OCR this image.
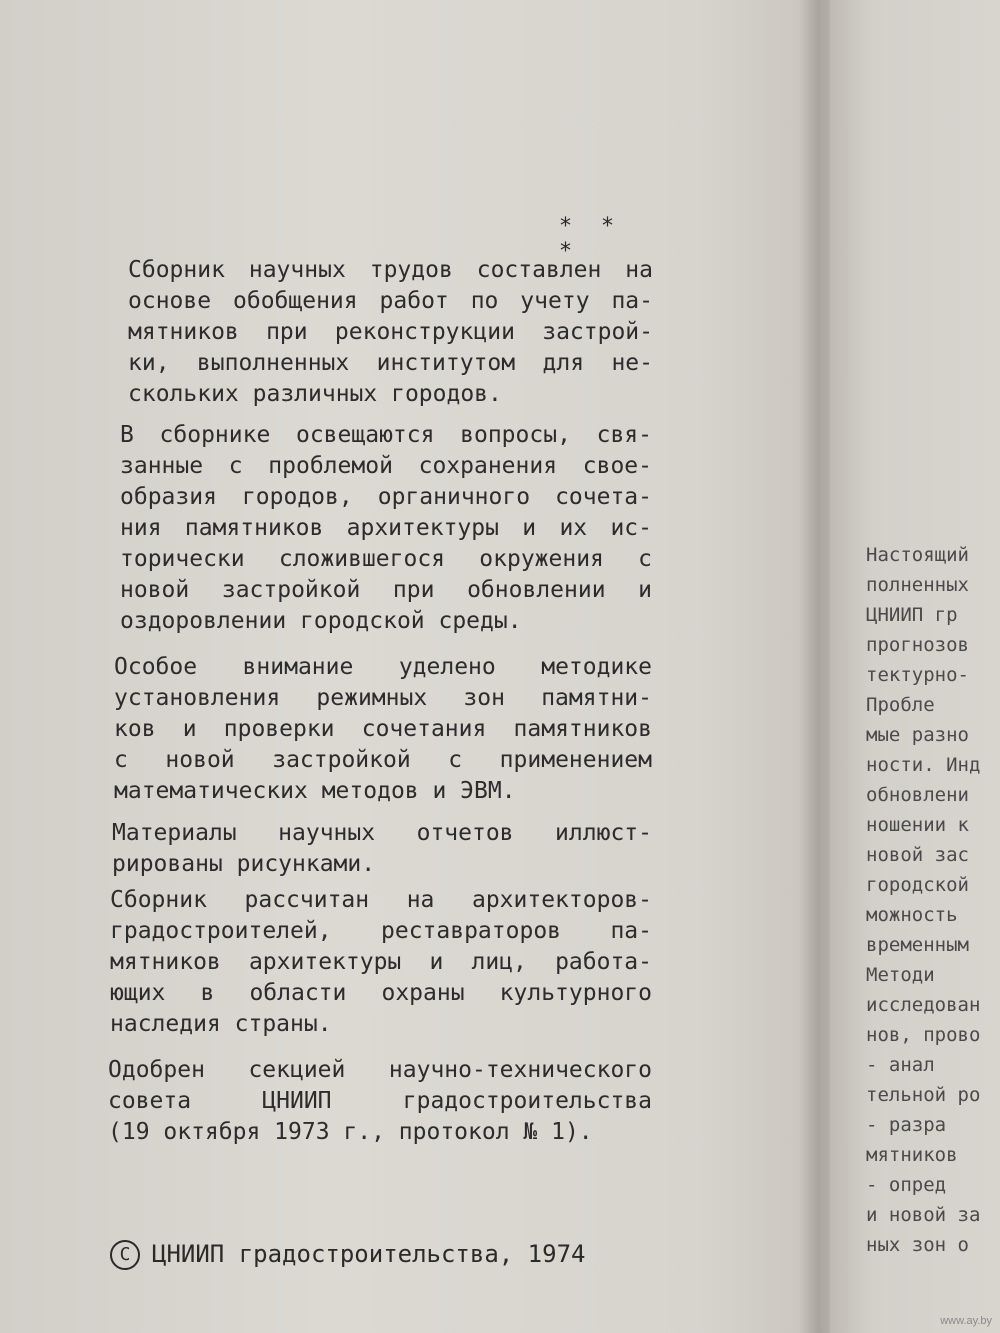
* * *
Сборник научных трудов составлен на
основе обобщения работ по учету па-
мятников при реконструкции застрой-
ки, выполненных институтом для не-
скольких различных городов.
В сборнике освещаются вопросы, свя-
занные с проблемой сохранения свое-
образия городов, органичного сочета-
ния памятников архитектуры и их ис-
торически сложившегося окружения с
новой застройкой при обновлении и
оздоровлении городской среды.
Особое внимание уделено методике
установления режимных зон памятни-
ков и проверки сочетания памятников
с новой застройкой с применением
математических методов и ЭВМ.
Материалы научных отчетов иллюст-
рированы рисунками.
Сборник рассчитан на архитекторов-
градостроителей, реставраторов па-
мятников архитектуры и лиц, работа-
ющих в области охраны культурного
наследия страны.
Одобрен секцией научно-технического
совета ЦНИИП градостроительства
(19 октября 1973 г., протокол № 1).
C ЦНИИП градостроительства, 1974
Настоящий
полненных
ЦНИИП гр
прогнозов
тектурно-
Пробле
мые разно
ности. Инд
обновлени
ношении к
новой зас
городской
можность
временным
Методи
исследован
нов, прово
- анал
тельной ро
- разра
мятников
- опред
и новой за
ных зон о
www.ay.by
